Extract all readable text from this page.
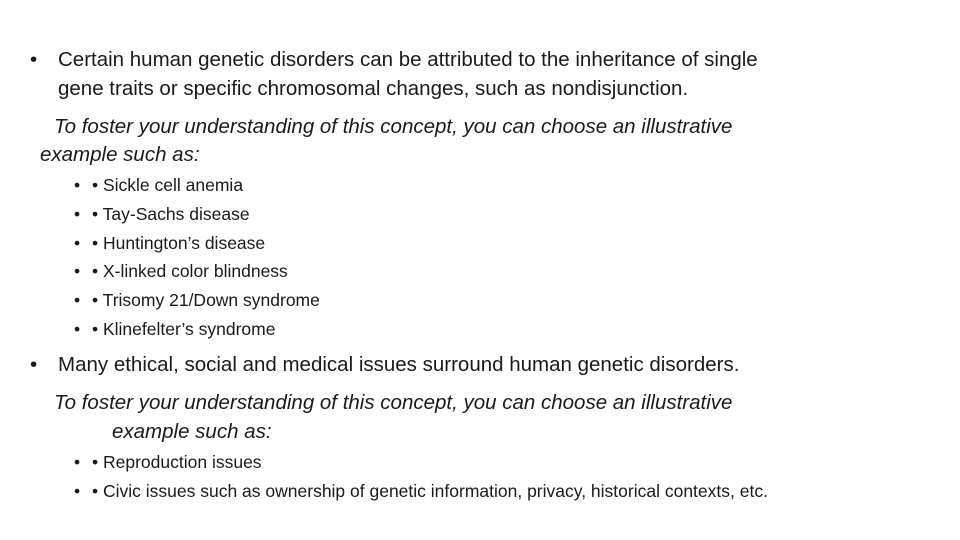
•	Certain human genetic disorders can be attributed to the inheritance of single
gene traits or specific chromosomal changes, such as nondisjunction.
To foster your understanding of this concept, you can choose an illustrative
example such as:
• • Sickle cell anemia
• • Tay-Sachs disease
• • Huntington’s disease
• • X-linked color blindness
• • Trisomy 21/Down syndrome
• • Klinefelter’s syndrome
•	Many ethical, social and medical issues surround human genetic disorders.
To foster your understanding of this concept, you can choose an illustrative
example such as:
• • Reproduction issues
• • Civic issues such as ownership of genetic information, privacy, historical contexts, etc.
